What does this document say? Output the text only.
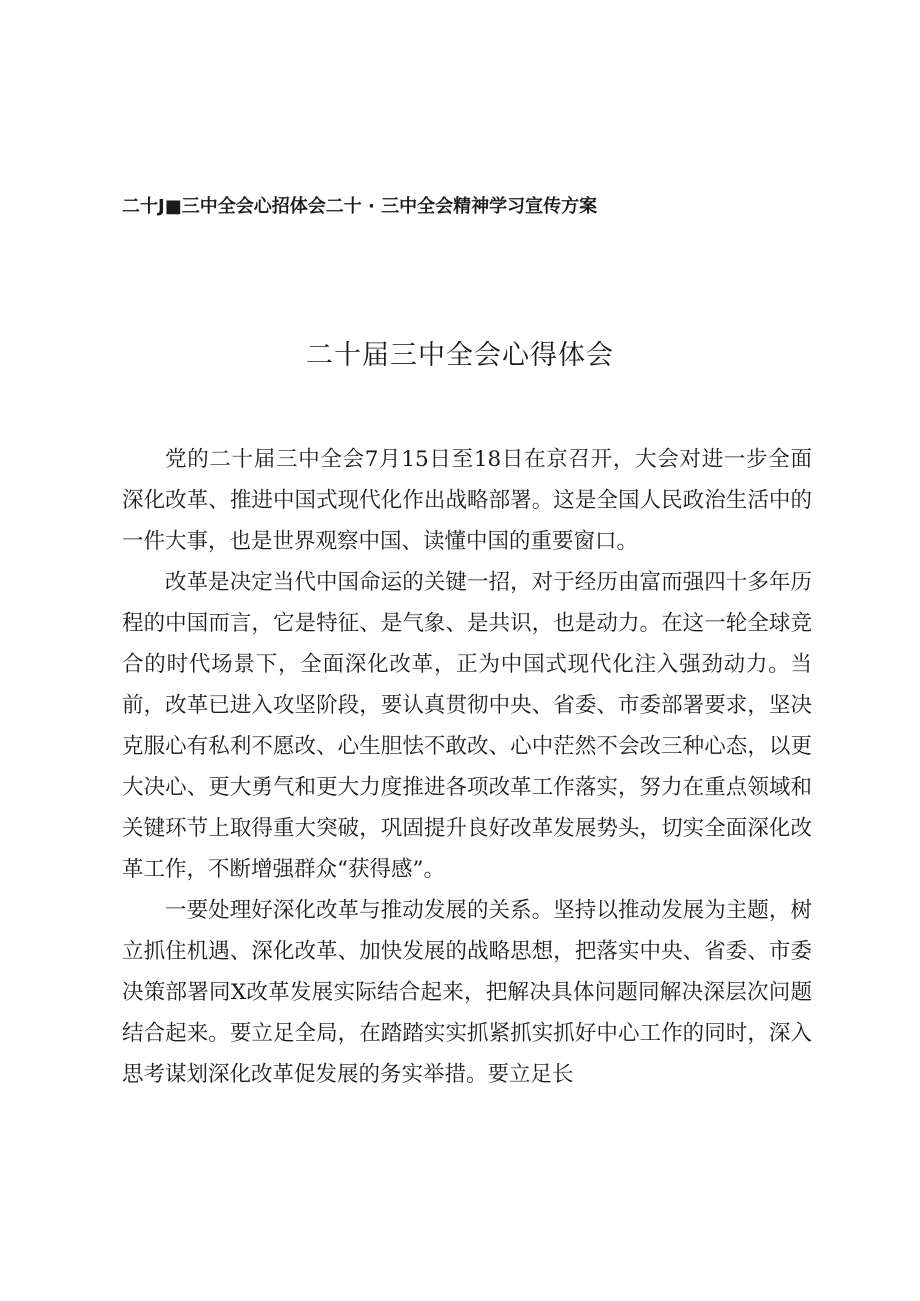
二十J■三中全会心招体会二十 · 三中全会精神学习宣传方案
二十届三中全会心得体会

党的二十届三中全会7月15日至18日在京召开，大会对进一步全面深化改革、推进中国式现代化作出战略部署。这是全国人民政治生活中的一件大事，也是世界观察中国、读懂中国的重要窗口。

改革是决定当代中国命运的关键一招，对于经历由富而强四十多年历程的中国而言，它是特征、是气象、是共识，也是动力。在这一轮全球竞合的时代场景下，全面深化改革，正为中国式现代化注入强劲动力。当前，改革已进入攻坚阶段，要认真贯彻中央、省委、市委部署要求，坚决克服心有私利不愿改、心生胆怯不敢改、心中茫然不会改三种心态，以更大决心、更大勇气和更大力度推进各项改革工作落实，努力在重点领域和关键环节上取得重大突破，巩固提升良好改革发展势头，切实全面深化改革工作，不断增强群众“获得感”。

一要处理好深化改革与推动发展的关系。坚持以推动发展为主题，树立抓住机遇、深化改革、加快发展的战略思想，把落实中央、省委、市委决策部署同X改革发展实际结合起来，把解决具体问题同解决深层次问题结合起来。要立足全局，在踏踏实实抓紧抓实抓好中心工作的同时，深入思考谋划深化改革促发展的务实举措。要立足长
